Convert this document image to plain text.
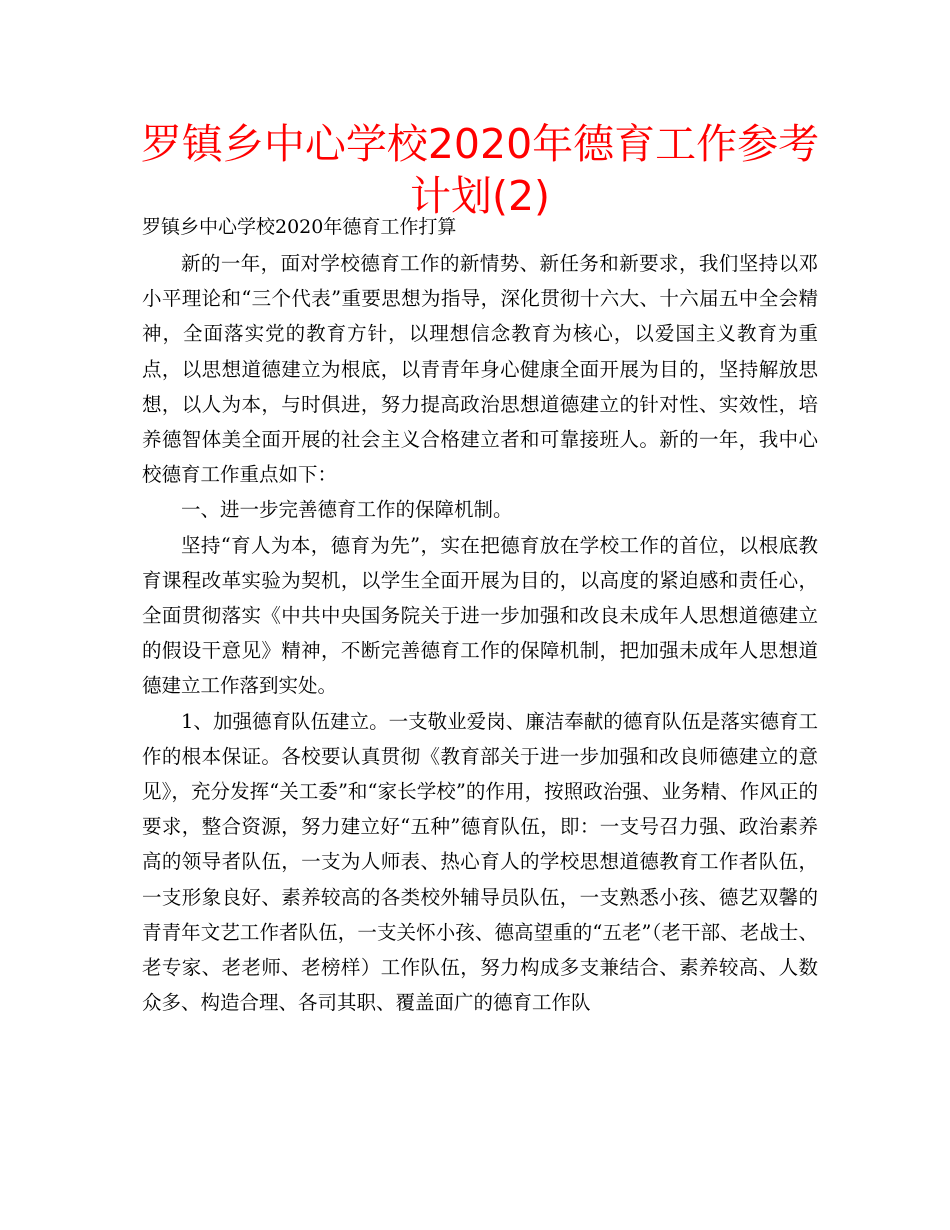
罗镇乡中心学校2020年德育工作参考计划(2)
罗镇乡中心学校2020年德育工作打算

新的一年，面对学校德育工作的新情势、新任务和新要求，我们坚持以邓小平理论和“三个代表”重要思想为指导，深化贯彻十六大、十六届五中全会精神，全面落实党的教育方针，以理想信念教育为核心，以爱国主义教育为重点，以思想道德建立为根底，以青青年身心健康全面开展为目的，坚持解放思想，以人为本，与时俱进，努力提高政治思想道德建立的针对性、实效性，培养德智体美全面开展的社会主义合格建立者和可靠接班人。新的一年，我中心校德育工作重点如下：

一、进一步完善德育工作的保障机制。

坚持“育人为本，德育为先”，实在把德育放在学校工作的首位，以根底教育课程改革实验为契机，以学生全面开展为目的，以高度的紧迫感和责任心，全面贯彻落实《中共中央国务院关于进一步加强和改良未成年人思想道德建立的假设干意见》精神，不断完善德育工作的保障机制，把加强未成年人思想道德建立工作落到实处。

1、加强德育队伍建立。一支敬业爱岗、廉洁奉献的德育队伍是落实德育工作的根本保证。各校要认真贯彻《教育部关于进一步加强和改良师德建立的意见》，充分发挥“关工委”和“家长学校”的作用，按照政治强、业务精、作风正的要求，整合资源，努力建立好“五种”德育队伍，即：一支号召力强、政治素养高的领导者队伍，一支为人师表、热心育人的学校思想道德教育工作者队伍，一支形象良好、素养较高的各类校外辅导员队伍，一支熟悉小孩、德艺双馨的青青年文艺工作者队伍，一支关怀小孩、德高望重的“五老”（老干部、老战士、老专家、老老师、老榜样）工作队伍，努力构成多支兼结合、素养较高、人数众多、构造合理、各司其职、覆盖面广的德育工作队
